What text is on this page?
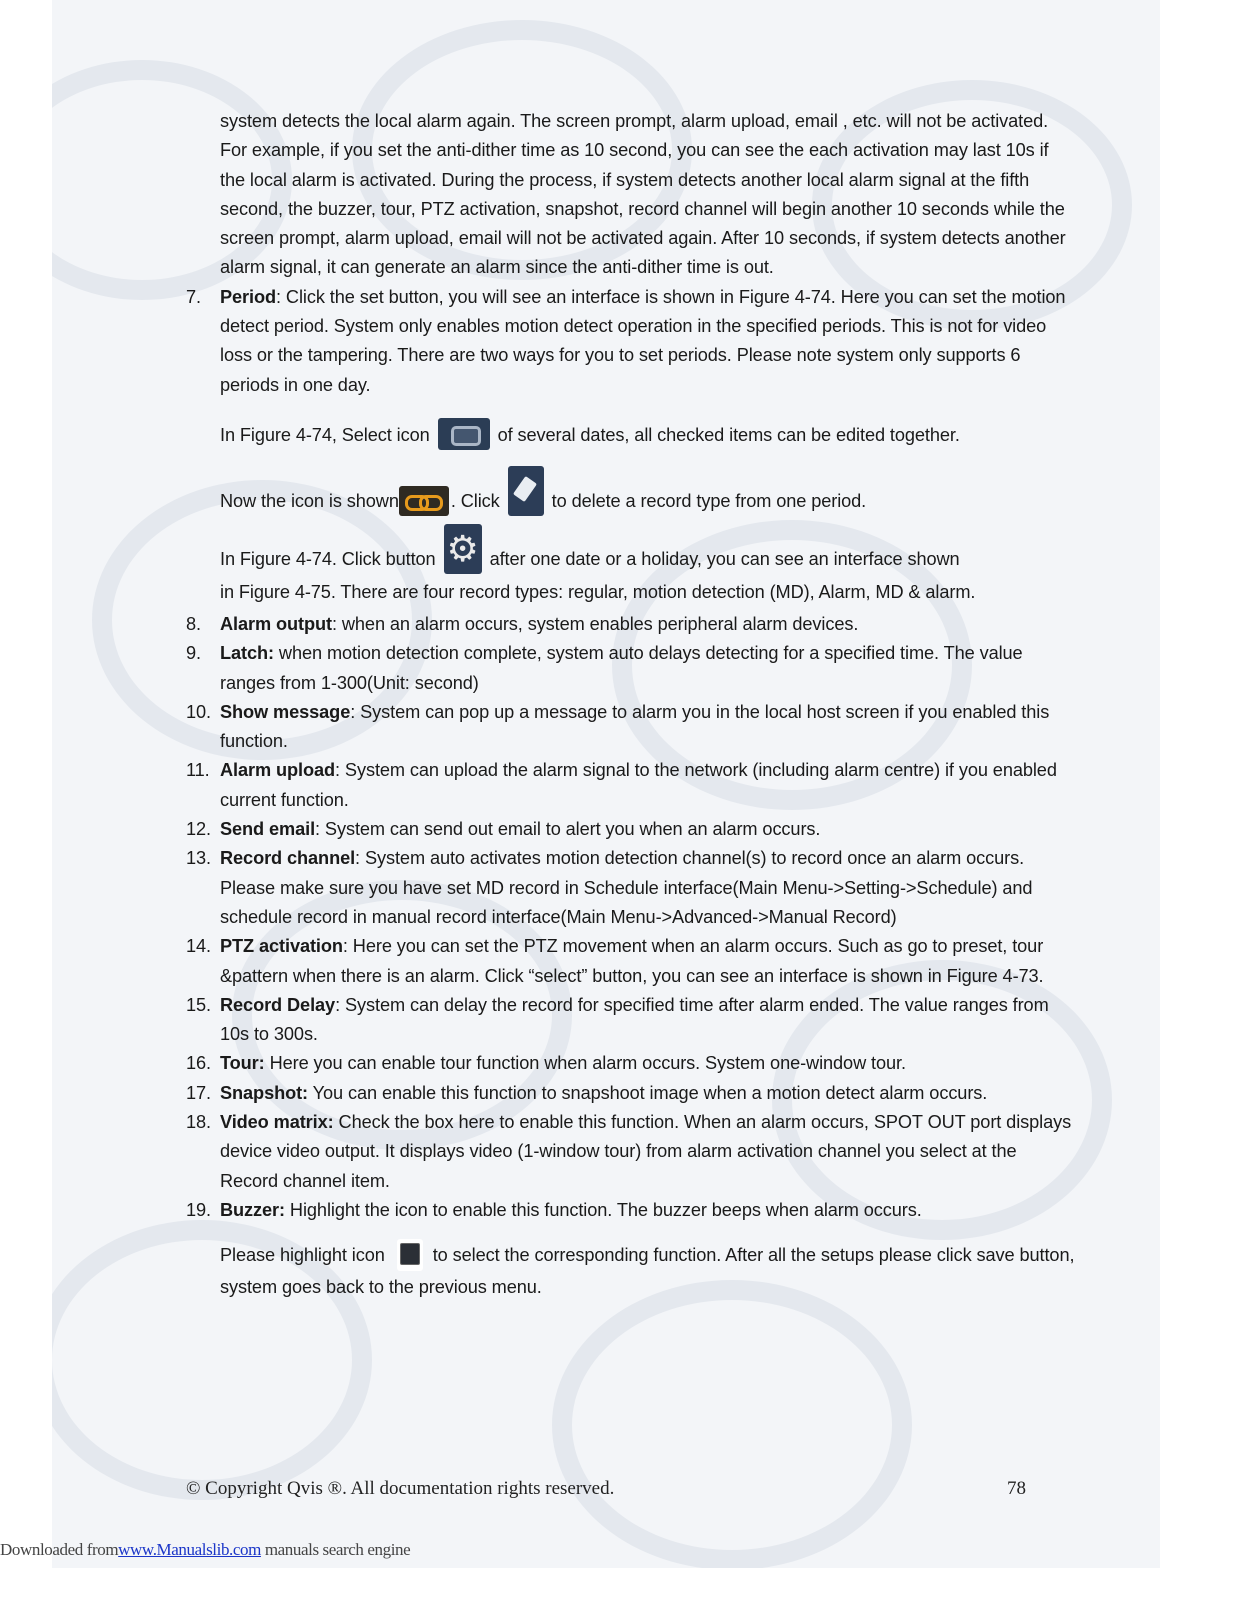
system detects the local alarm again. The screen prompt, alarm upload, email , etc. will not be activated. For example, if you set the anti-dither time as 10 second, you can see the each activation may last 10s if the local alarm is activated. During the process, if system detects another local alarm signal at the fifth second, the buzzer, tour, PTZ activation, snapshot, record channel will begin another 10 seconds while the screen prompt, alarm upload, email will not be activated again. After 10 seconds, if system detects another alarm signal, it can generate an alarm since the anti-dither time is out.

7.	Period: Click the set button, you will see an interface is shown in Figure 4-74. Here you can set the motion detect period. System only enables motion detect operation in the specified periods. This is not for video loss or the tampering. There are two ways for you to set periods. Please note system only supports 6 periods in one day.
In Figure 4-74, Select icon	of several dates, all checked items can be edited together.
Now the icon is shown	. Click	to delete a record type from one period.
In Figure 4-74. Click button ⚙ after one date or a holiday, you can see an interface shown

in Figure 4-75. There are four record types: regular, motion detection (MD), Alarm, MD & alarm.

8.	Alarm output: when an alarm occurs, system enables peripheral alarm devices.
9.	Latch: when motion detection complete, system auto delays detecting for a specified time. The value ranges from 1-300(Unit: second)
10. Show message: System can pop up a message to alarm you in the local host screen if you enabled this function.
11. Alarm upload: System can upload the alarm signal to the network (including alarm centre) if you enabled current function.
12. Send email: System can send out email to alert you when an alarm occurs.
13. Record channel: System auto activates motion detection channel(s) to record once an alarm occurs. Please make sure you have set MD record in Schedule interface(Main Menu->Setting->Schedule) and schedule record in manual record interface(Main Menu->Advanced->Manual Record)
14. PTZ activation: Here you can set the PTZ movement when an alarm occurs. Such as go to preset, tour &pattern when there is an alarm. Click “select” button, you can see an interface is shown in Figure 4-73.
15. Record Delay: System can delay the record for specified time after alarm ended. The value ranges from 10s to 300s.
16. Tour: Here you can enable tour function when alarm occurs. System one-window tour.
17. Snapshot: You can enable this function to snapshoot image when a motion detect alarm occurs.
18. Video matrix: Check the box here to enable this function. When an alarm occurs, SPOT OUT port displays device video output. It displays video (1-window tour) from alarm activation channel you select at the Record channel item.
19. Buzzer: Highlight the icon to enable this function. The buzzer beeps when alarm occurs.

Please highlight icon	to select the corresponding function. After all the setups please click save button, system goes back to the previous menu.

© Copyright Qvis ®. All documentation rights reserved.	78
Downloaded fromwww.Manualslib.com manuals search engine
